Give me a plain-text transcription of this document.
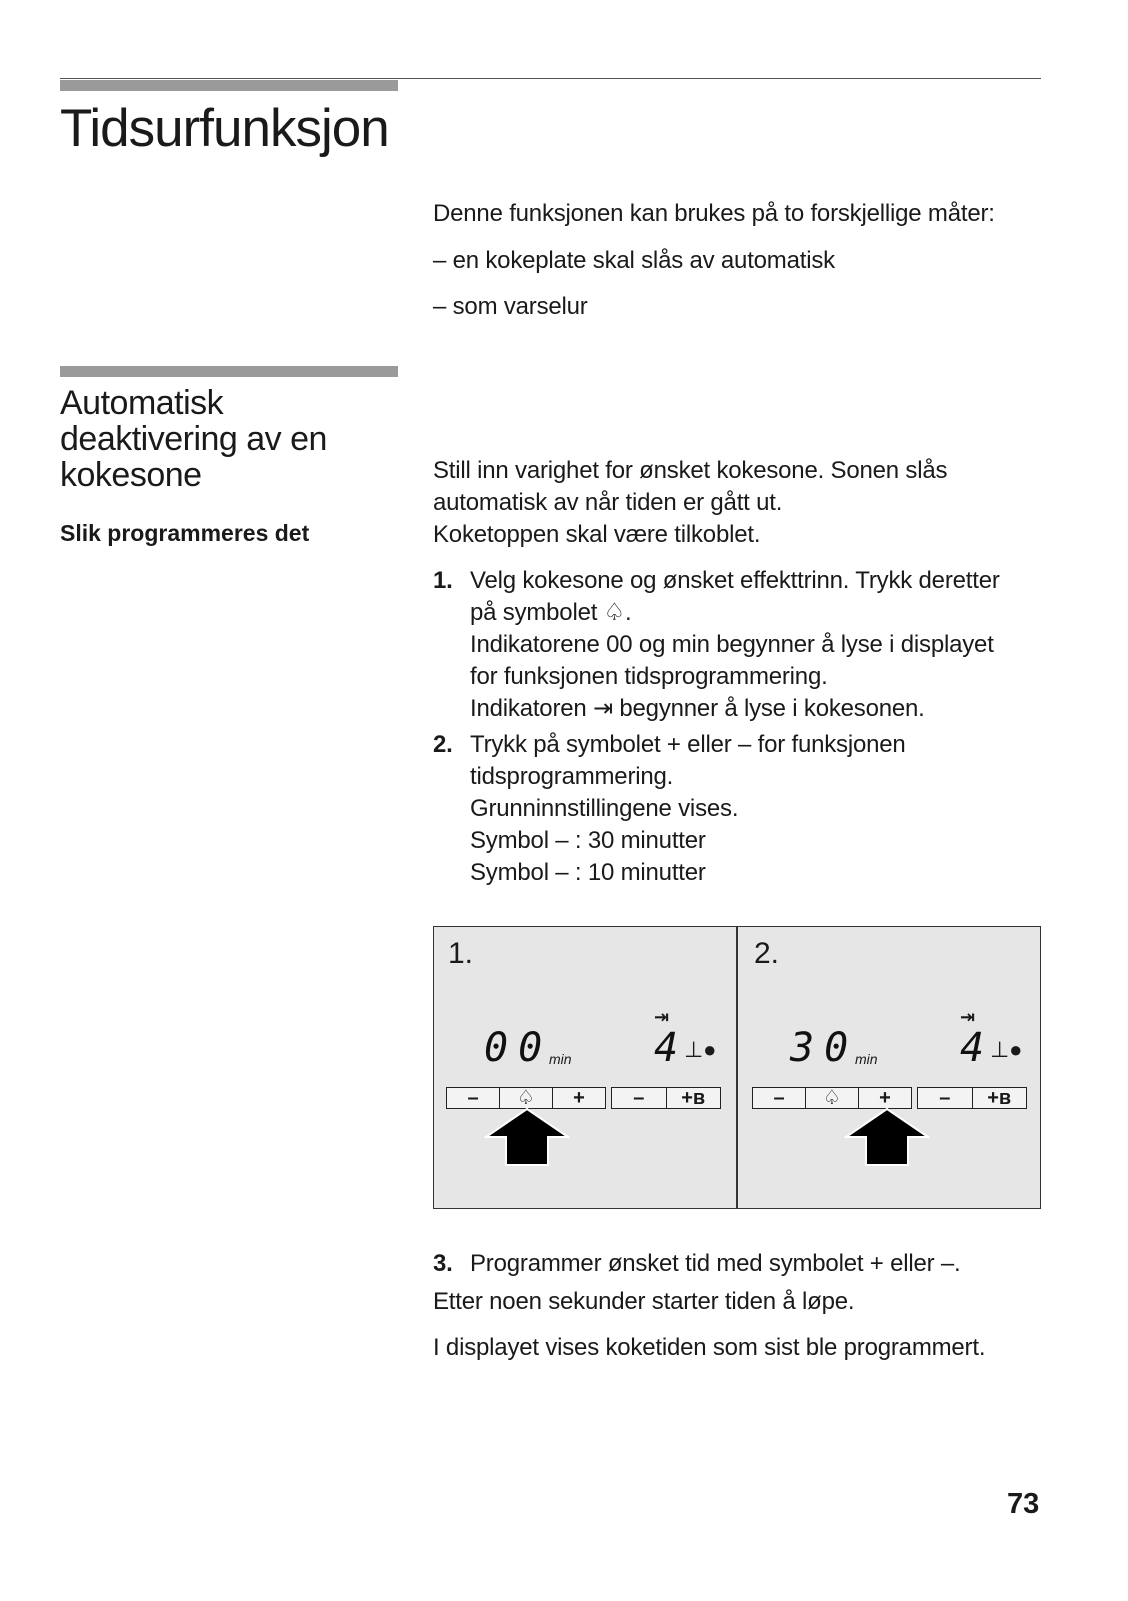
Tidsurfunksjon
Denne funksjonen kan brukes på to forskjellige måter:
– en kokeplate skal slås av automatisk
– som varselur
Automatisk
deaktivering av en
kokesone
Slik programmeres det
Still inn varighet for ønsket kokesone. Sonen slås
automatisk av når tiden er gått ut.
Koketoppen skal være tilkoblet.
1. Velg kokesone og ønsket effekttrinn. Trykk deretter
på symbolet ♤.
Indikatorene 00 og min begynner å lyse i displayet
for funksjonen tidsprogrammering.
Indikatoren ⇥ begynner å lyse i kokesonen.
2. Trykk på symbolet + eller – for funksjonen
tidsprogrammering.
Grunninnstillingene vises.
Symbol – : 30 minutter
Symbol – : 10 minutter
1.
⇥
00
min 4
⊥●
–	♤	+	–	+ʙ
2.
⇥
30
min 4
⊥●
–	♤	+	–	+ʙ
3. Programmer ønsket tid med symbolet + eller –.
Etter noen sekunder starter tiden å løpe.
I displayet vises koketiden som sist ble programmert.
73
